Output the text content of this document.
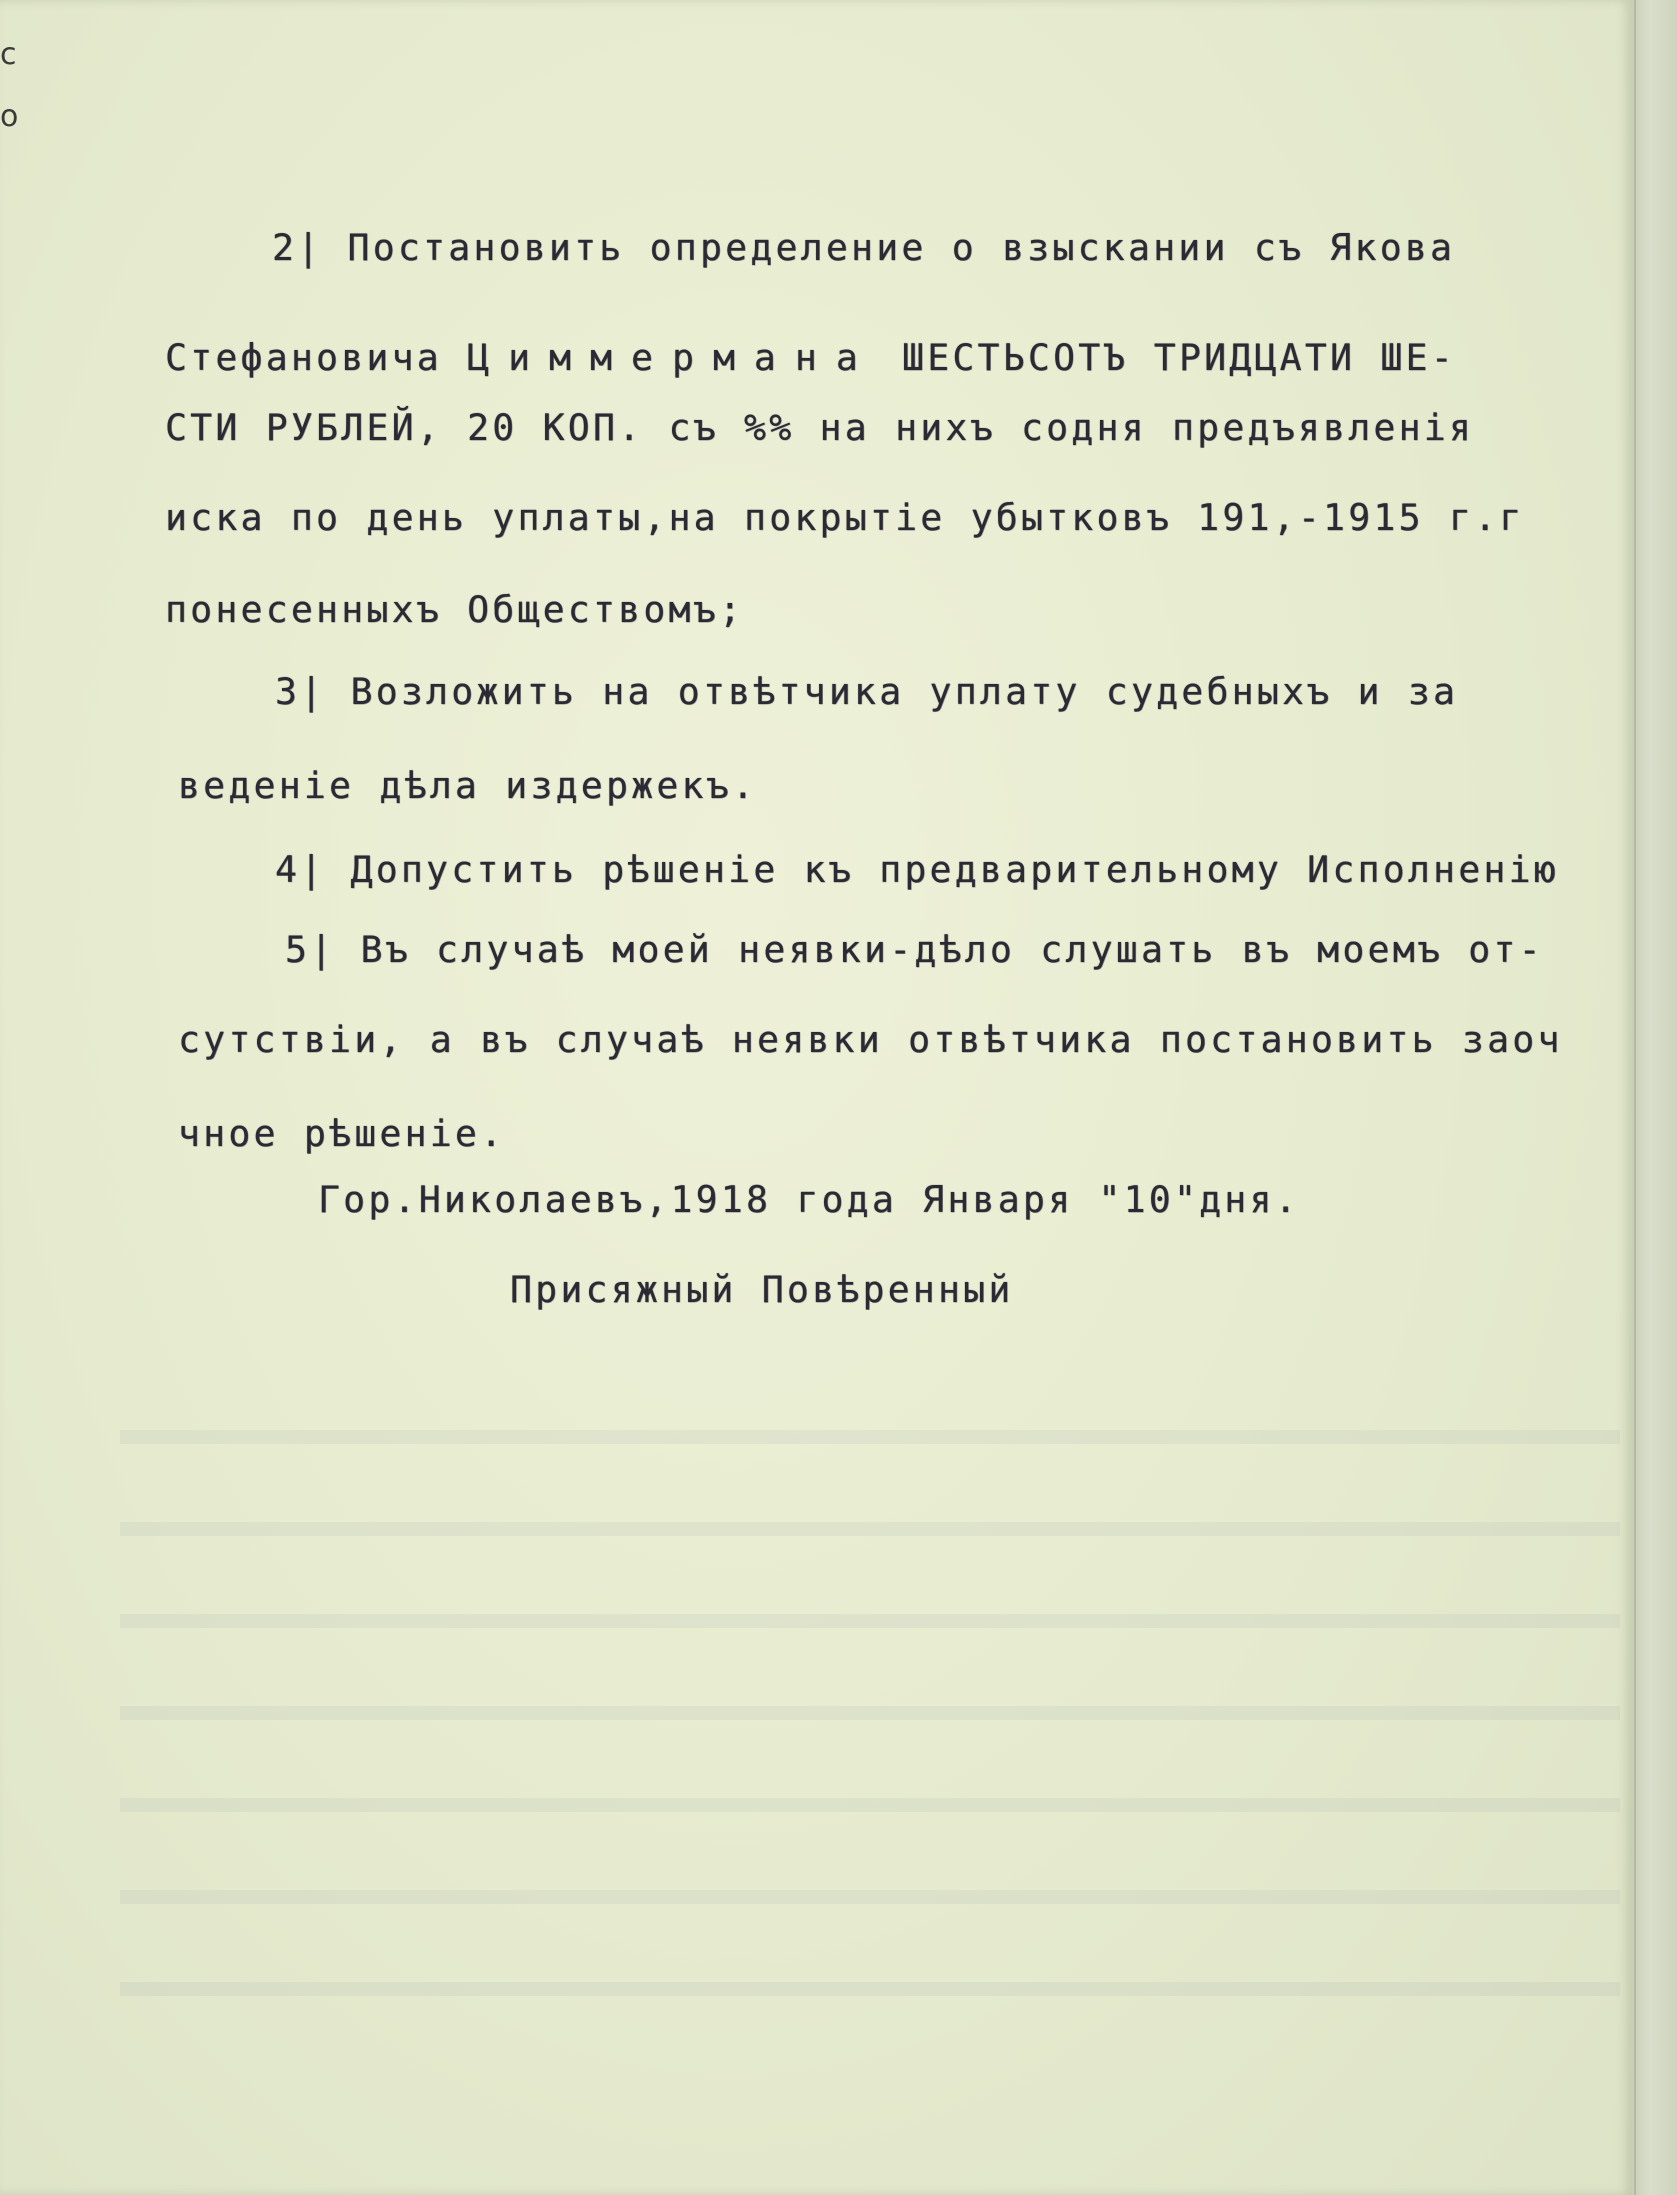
с
о
2| Постановить определение о взыскании съ Якова
Стефановича Циммермана ШЕСТЬСОТЪ ТРИДЦАТИ ШЕ-
СТИ РУБЛЕЙ, 20 КОП. съ %% на нихъ содня предъявленія
иска по день уплаты,на покрытіе убытковъ 191,-1915 г.г
понесенныхъ Обществомъ;
3| Возложить на отвѣтчика уплату судебныхъ и за
веденіе дѣла издержекъ.
4| Допустить рѣшеніе къ предварительному Исполненію
5| Въ случаѣ моей неявки-дѣло слушать въ моемъ от-
сутствіи, а въ случаѣ неявки отвѣтчика постановить заоч
чное рѣшеніе.
Гор.Николаевъ,1918 года Января "10"дня.
Присяжный Повѣренный
